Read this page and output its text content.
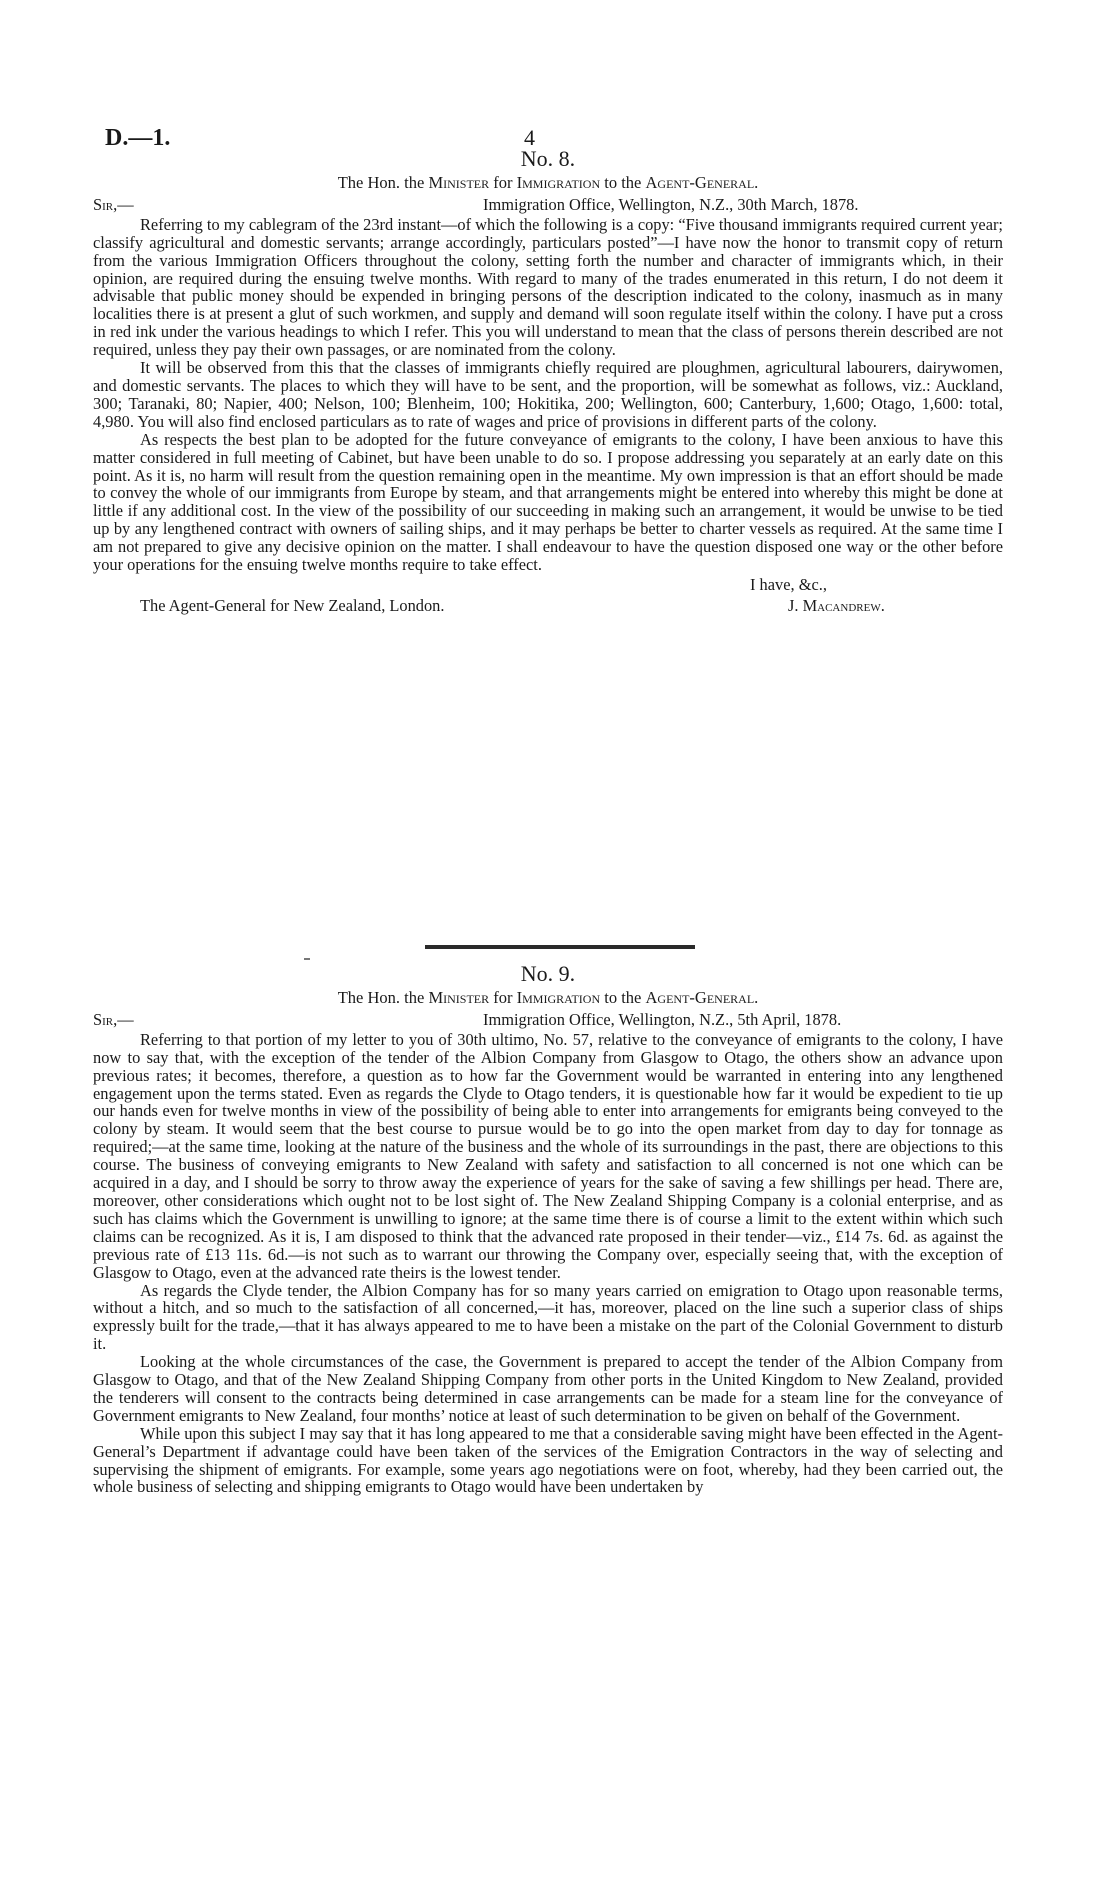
D.—1.	4
No. 8.
The Hon. the Minister for Immigration to the Agent-General.
Sir,—	Immigration Office, Wellington, N.Z., 30th March, 1878.

Referring to my cablegram of the 23rd instant—of which the following is a copy: “Five thousand immigrants required current year; classify agricultural and domestic servants; arrange accordingly, particulars posted”—I have now the honor to transmit copy of return from the various Immigration Officers throughout the colony, setting forth the number and character of immigrants which, in their opinion, are required during the ensuing twelve months. With regard to many of the trades enumerated in this return, I do not deem it advisable that public money should be expended in bringing persons of the description indicated to the colony, inasmuch as in many localities there is at present a glut of such workmen, and supply and demand will soon regulate itself within the colony. I have put a cross in red ink under the various headings to which I refer. This you will understand to mean that the class of persons therein described are not required, unless they pay their own passages, or are nominated from the colony.

It will be observed from this that the classes of immigrants chiefly required are ploughmen, agricultural labourers, dairywomen, and domestic servants. The places to which they will have to be sent, and the proportion, will be somewhat as follows, viz.: Auckland, 300; Taranaki, 80; Napier, 400; Nelson, 100; Blenheim, 100; Hokitika, 200; Wellington, 600; Canterbury, 1,600; Otago, 1,600: total, 4,980. You will also find enclosed particulars as to rate of wages and price of provisions in different parts of the colony.

As respects the best plan to be adopted for the future conveyance of emigrants to the colony, I have been anxious to have this matter considered in full meeting of Cabinet, but have been unable to do so. I propose addressing you separately at an early date on this point. As it is, no harm will result from the question remaining open in the meantime. My own impression is that an effort should be made to convey the whole of our immigrants from Europe by steam, and that arrangements might be entered into whereby this might be done at little if any additional cost. In the view of the possibility of our succeeding in making such an arrangement, it would be unwise to be tied up by any lengthened contract with owners of sailing ships, and it may perhaps be better to charter vessels as required. At the same time I am not prepared to give any decisive opinion on the matter. I shall endeavour to have the question disposed one way or the other before your operations for the ensuing twelve months require to take effect.

I have, &c.,
The Agent-General for New Zealand, London.	J. Macandrew.
No. 9.
The Hon. the Minister for Immigration to the Agent-General.
Sir,—	Immigration Office, Wellington, N.Z., 5th April, 1878.

Referring to that portion of my letter to you of 30th ultimo, No. 57, relative to the conveyance of emigrants to the colony, I have now to say that, with the exception of the tender of the Albion Company from Glasgow to Otago, the others show an advance upon previous rates; it becomes, therefore, a question as to how far the Government would be warranted in entering into any lengthened engagement upon the terms stated. Even as regards the Clyde to Otago tenders, it is questionable how far it would be expedient to tie up our hands even for twelve months in view of the possibility of being able to enter into arrangements for emigrants being conveyed to the colony by steam. It would seem that the best course to pursue would be to go into the open market from day to day for tonnage as required;—at the same time, looking at the nature of the business and the whole of its surroundings in the past, there are objections to this course. The business of conveying emigrants to New Zealand with safety and satisfaction to all concerned is not one which can be acquired in a day, and I should be sorry to throw away the experience of years for the sake of saving a few shillings per head. There are, moreover, other considerations which ought not to be lost sight of. The New Zealand Shipping Company is a colonial enterprise, and as such has claims which the Government is unwilling to ignore; at the same time there is of course a limit to the extent within which such claims can be recognized. As it is, I am disposed to think that the advanced rate proposed in their tender—viz., £14 7s. 6d. as against the previous rate of £13 11s. 6d.—is not such as to warrant our throwing the Company over, especially seeing that, with the exception of Glasgow to Otago, even at the advanced rate theirs is the lowest tender.

As regards the Clyde tender, the Albion Company has for so many years carried on emigration to Otago upon reasonable terms, without a hitch, and so much to the satisfaction of all concerned,—it has, moreover, placed on the line such a superior class of ships expressly built for the trade,—that it has always appeared to me to have been a mistake on the part of the Colonial Government to disturb it.

Looking at the whole circumstances of the case, the Government is prepared to accept the tender of the Albion Company from Glasgow to Otago, and that of the New Zealand Shipping Company from other ports in the United Kingdom to New Zealand, provided the tenderers will consent to the contracts being determined in case arrangements can be made for a steam line for the conveyance of Government emigrants to New Zealand, four months’ notice at least of such determination to be given on behalf of the Government.

While upon this subject I may say that it has long appeared to me that a considerable saving might have been effected in the Agent-General’s Department if advantage could have been taken of the services of the Emigration Contractors in the way of selecting and supervising the shipment of emigrants. For example, some years ago negotiations were on foot, whereby, had they been carried out, the whole business of selecting and shipping emigrants to Otago would have been undertaken by
